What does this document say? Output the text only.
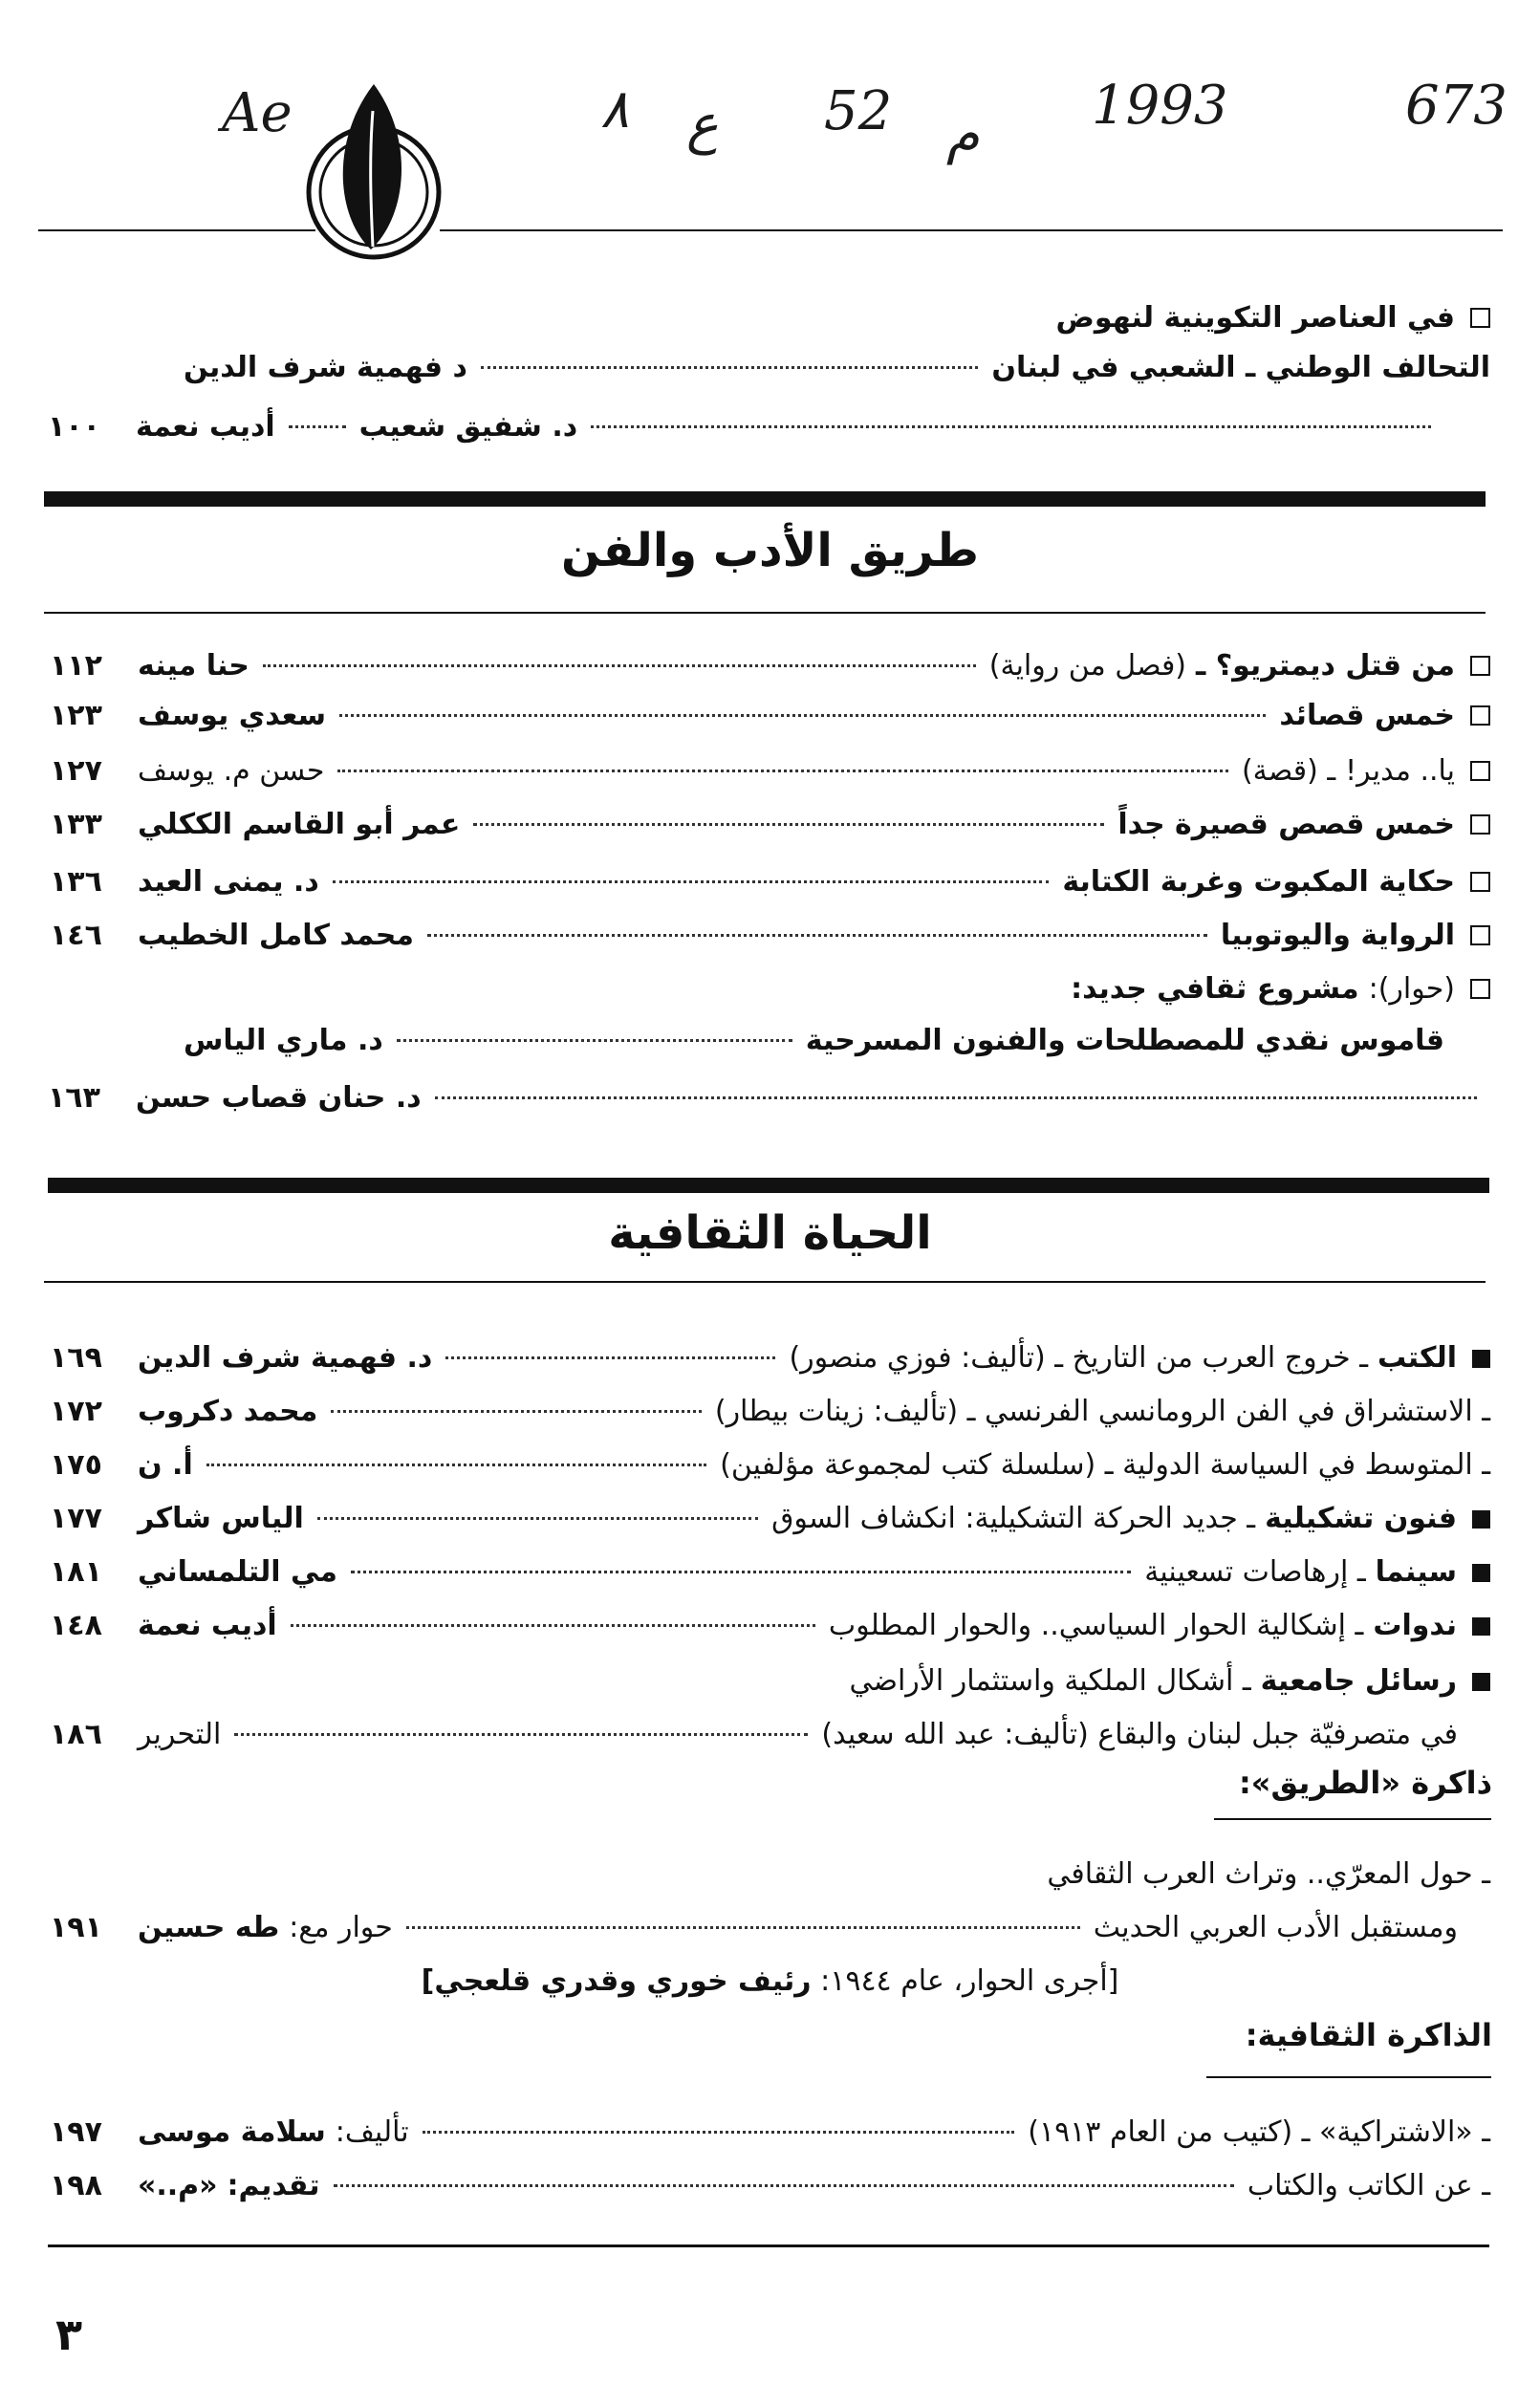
Ae	٨ ع 52 م 1993	673
في العناصر التكوينية لنهوض
التحالف الوطني ـ الشعبي في لبنان
د فهمية شرف الدين
د. شفيق شعيب
أديب نعمة
١٠٠
طريق الأدب والفن
من قتل ديمتريو؟ ـ
(فصل من رواية)
حنا مينه
١١٢
خمس قصائد
سعدي يوسف
١٢٣
يا.. مدير!
ـ (قصة)
حسن م. يوسف
١٢٧
خمس قصص قصيرة جداً
عمر أبو القاسم الككلي
١٣٣
حكاية المكبوت وغربة الكتابة
د. يمنى العيد
١٣٦
الرواية واليوتوبيا
محمد كامل الخطيب
١٤٦
(حوار):
مشروع ثقافي جديد:
قاموس نقدي للمصطلحات والفنون المسرحية
د. ماري الياس
د. حنان قصاب حسن
١٦٣
الحياة الثقافية
الكتب
ـ خروج العرب من التاريخ ـ (تأليف: فوزي منصور)
د. فهمية شرف الدين
١٦٩
ـ الاستشراق في الفن الرومانسي الفرنسي ـ (تأليف: زينات بيطار)
محمد دكروب
١٧٢
ـ المتوسط في السياسة الدولية ـ (سلسلة كتب لمجموعة مؤلفين)
أ. ن
١٧٥
فنون تشكيلية
ـ جديد الحركة التشكيلية: انكشاف السوق
الياس شاكر
١٧٧
سينما
ـ إرهاصات تسعينية
مي التلمساني
١٨١
ندوات
ـ إشكالية الحوار السياسي.. والحوار المطلوب
أديب نعمة
١٤٨
رسائل جامعية
ـ أشكال الملكية واستثمار الأراضي
في متصرفيّة جبل لبنان والبقاع (تأليف: عبد الله سعيد)
التحرير
١٨٦
ذاكرة «الطريق»:
ـ حول المعرّي.. وتراث العرب الثقافي
ومستقبل الأدب العربي الحديث
حوار مع:
طه حسين
١٩١
[أجرى الحوار، عام ١٩٤٤: رئيف خوري وقدري قلعجي]
الذاكرة الثقافية:
ـ «الاشتراكية» ـ (كتيب من العام ١٩١٣)
تأليف:
سلامة موسى
١٩٧
ـ عن الكاتب والكتاب
تقديم:
«م..»
١٩٨
٣
